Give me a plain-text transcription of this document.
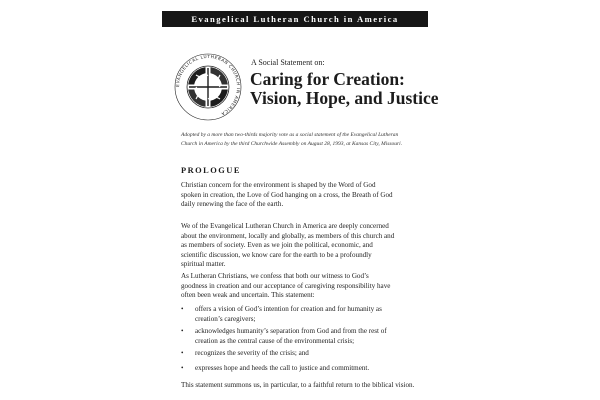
Evangelical Lutheran Church in America
EVANGELICAL LUTHERAN CHURCH IN AMERICA
A Social Statement on:
Caring for Creation:
Vision, Hope, and Justice
Adopted by a more than two-thirds majority vote as a social statement of the Evangelical Lutheran
Church in America by the third Churchwide Assembly on August 28, 1993, at Kansas City, Missouri.
PROLOGUE
Christian concern for the environment is shaped by the Word of God
spoken in creation, the Love of God hanging on a cross, the Breath of God
daily renewing the face of the earth.
We of the Evangelical Lutheran Church in America are deeply concerned
about the environment, locally and globally, as members of this church and
as members of society. Even as we join the political, economic, and
scientific discussion, we know care for the earth to be a profoundly
spiritual matter.
As Lutheran Christians, we confess that both our witness to God’s
goodness in creation and our acceptance of caregiving responsibility have
often been weak and uncertain. This statement:
• offers a vision of God’s intention for creation and for humanity as
creation’s caregivers;
• acknowledges humanity’s separation from God and from the rest of
creation as the central cause of the environmental crisis;
• recognizes the severity of the crisis; and
• expresses hope and heeds the call to justice and commitment.
This statement summons us, in particular, to a faithful return to the biblical vision.
